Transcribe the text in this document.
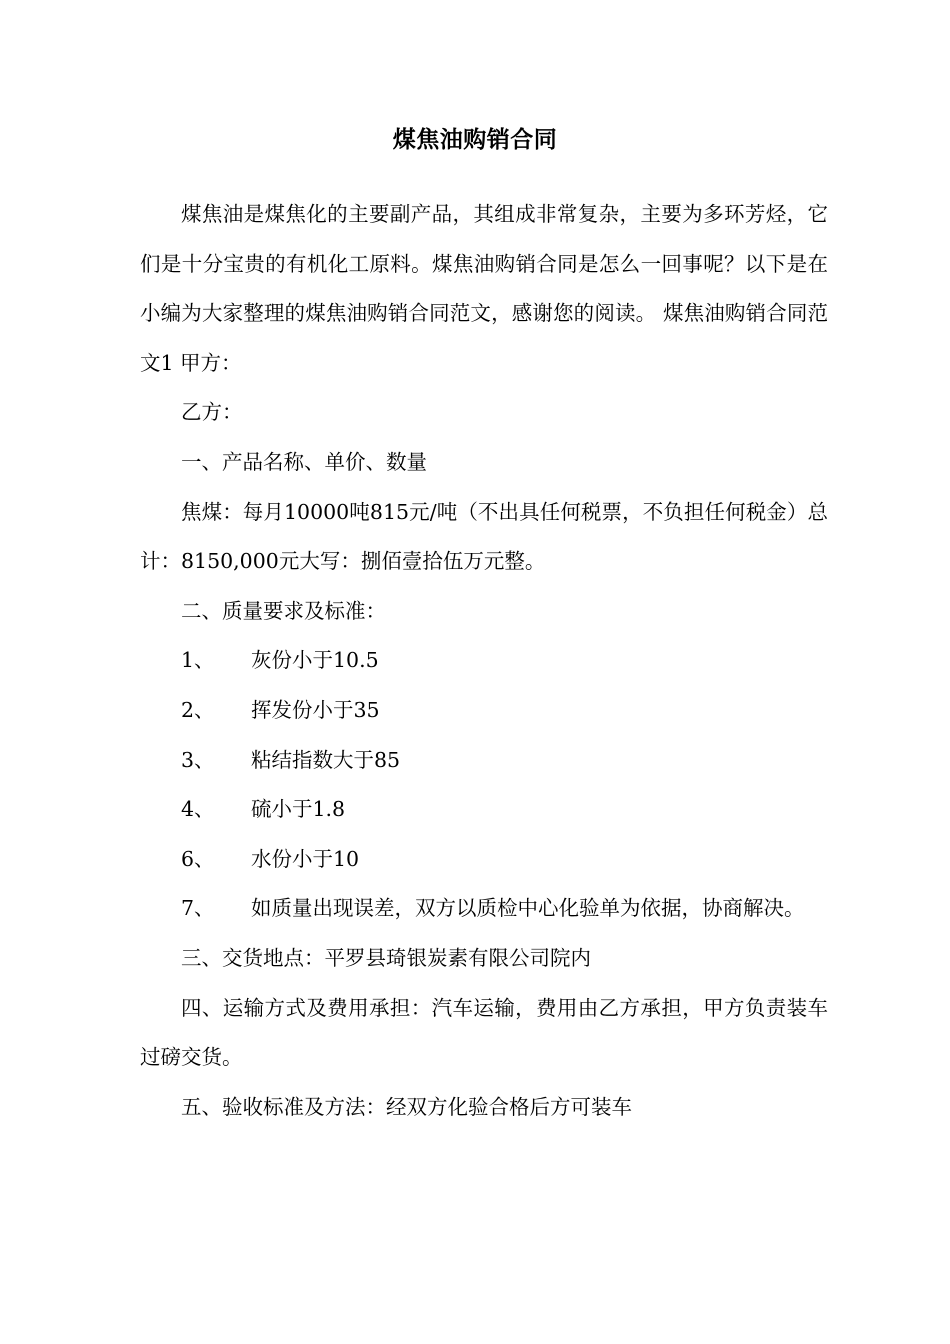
煤焦油购销合同

煤焦油是煤焦化的主要副产品，其组成非常复杂，主要为多环芳烃，它们是十分宝贵的有机化工原料。煤焦油购销合同是怎么一回事呢？以下是在小编为大家整理的煤焦油购销合同范文，感谢您的阅读。 煤焦油购销合同范文1 甲方：

乙方：

一、产品名称、单价、数量

焦煤：每月10000吨815元/吨（不出具任何税票，不负担任何税金）总计：8150,000元大写：捌佰壹拾伍万元整。

二、质量要求及标准：

1、 灰份小于10.5
2、 挥发份小于35
3、 粘结指数大于85
4、 硫小于1.8
6、 水份小于10

7、 如质量出现误差，双方以质检中心化验单为依据，协商解决。

三、交货地点：平罗县琦银炭素有限公司院内

四、运输方式及费用承担：汽车运输，费用由乙方承担，甲方负责装车过磅交货。

五、验收标准及方法：经双方化验合格后方可装车
